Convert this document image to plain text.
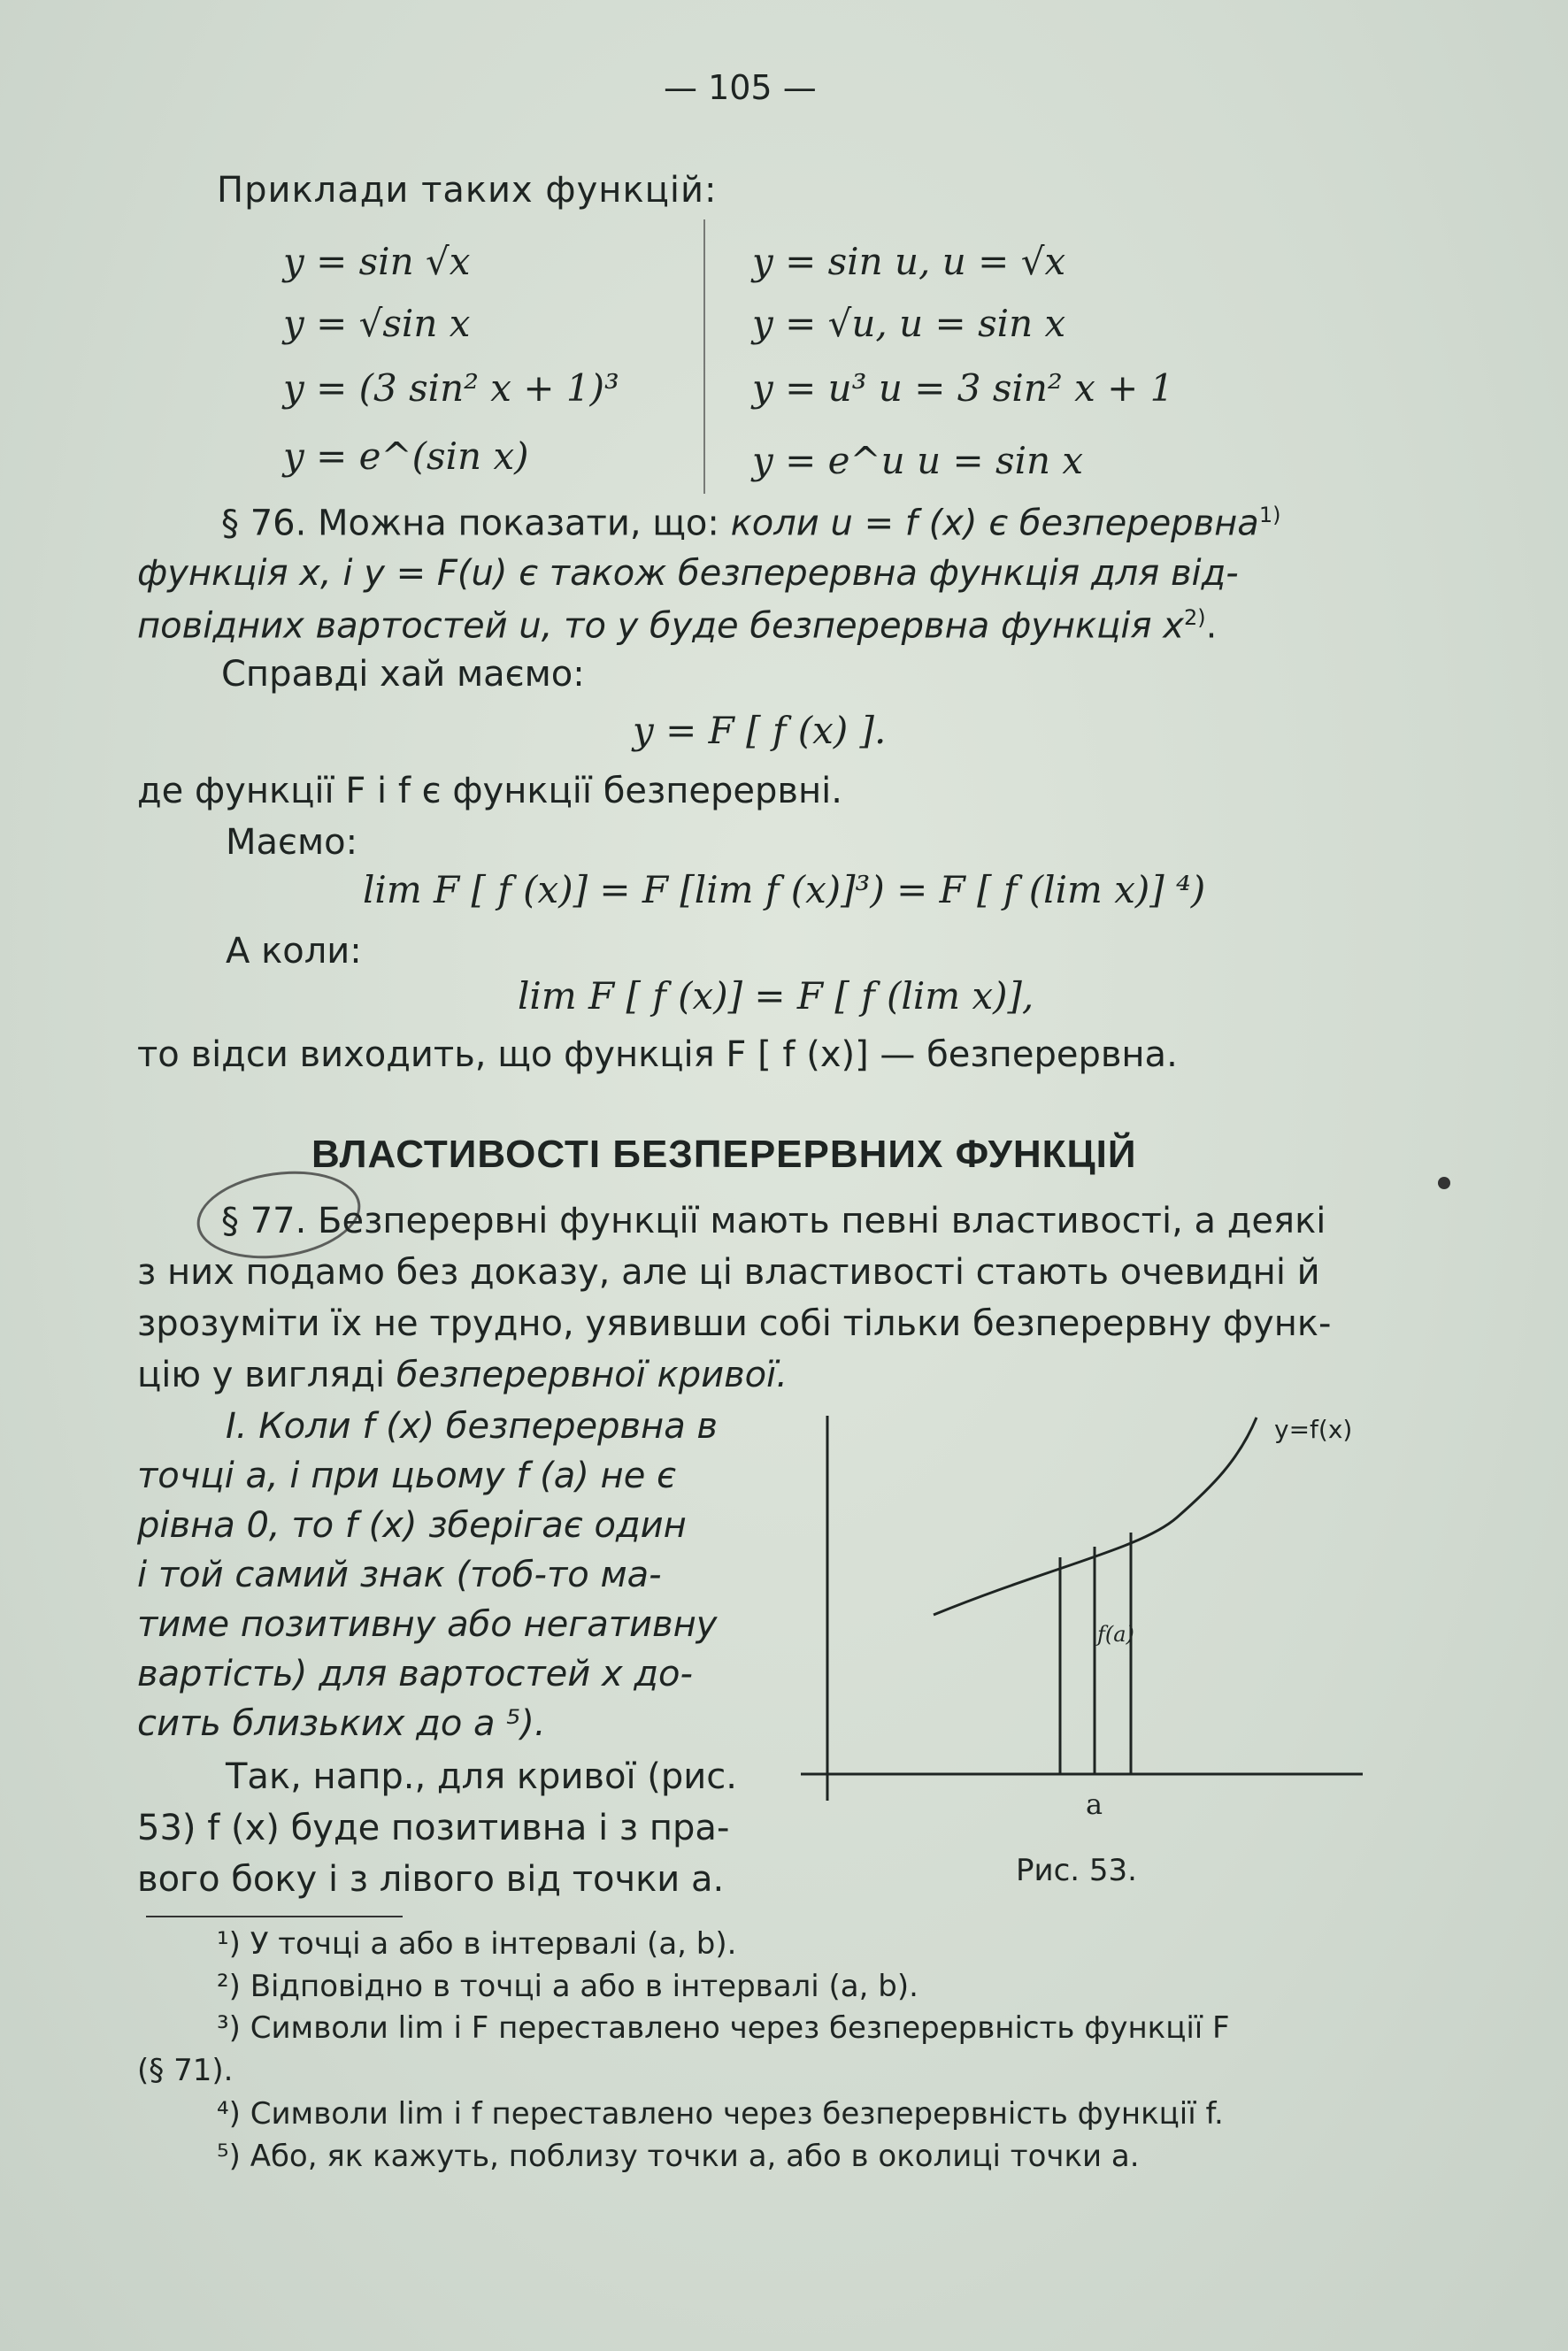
— 105 —
Приклади таких функцій:
y = sin √x
y = √sin x
y = (3 sin² x + 1)³
y = e^(sin x)
y = sin u, u = √x
y = √u, u = sin x
y = u³ u = 3 sin² x + 1
y = e^u u = sin x
§ 76. Можна показати, що: коли u = f (x) є безперервна$^{1)}$
функція x, і y = F(u) є також безперервна функція для від-
повідних вартостей u, то y буде безперервна функція $x^{2)}$.
Справді хай маємо:
y = F [ f (x) ].
де функції F і f є функції безперервні.
Маємо:
lim F [ f (x)] = F [lim f (x)]³) = F [ f (lim x)] ⁴)
А коли:
lim F [ f (x)] = F [ f (lim x)],
то відси виходить, що функція F [ f (x)] — безперервна.
ВЛАСТИВОСТІ БЕЗПЕРЕРВНИХ ФУНКЦІЙ
§ 77. Безперервні функції мають певні властивості, а деякі
з них подамо без доказу, але ці властивості стають очевидні й
зрозуміти їх не трудно, уявивши собі тільки безперервну функ-
цію у вигляді безперервної кривої.
I. Коли f (x) безперервна в
точці a, і при цьому f (a) не є
рівна 0, то f (x) зберігає один
і той самий знак (тоб-то ма-
тиме позитивну або негативну
вартість) для вартостей x до-
сить близьких до a ⁵).
Так, напр., для кривої (рис.
53) f (x) буде позитивна і з пра-
вого боку і з лівого від точки a.
y=f(x)
f(a)
a
Рис. 53.
¹) У точці a або в інтервалі (a, b).
²) Відповідно в точці a або в інтервалі (a, b).
³) Символи lim і F переставлено через безперервність функції F
(§ 71).
⁴) Символи lim і f переставлено через безперервність функції f.
⁵) Або, як кажуть, поблизу точки a, або в околиці точки a.
